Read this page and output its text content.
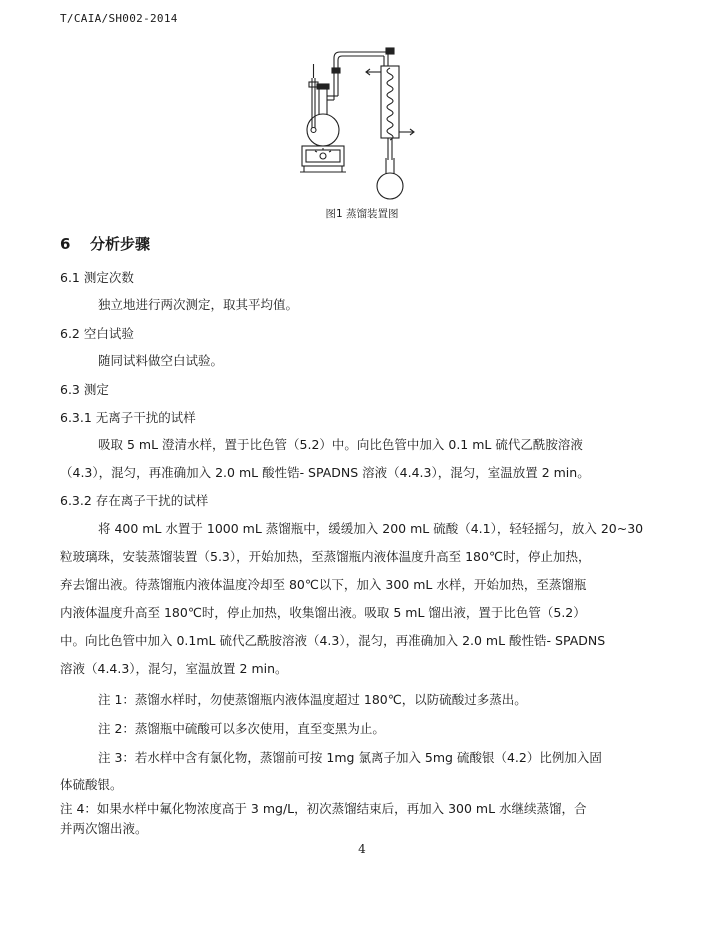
T/CAIA/SH002-2014
图1 蒸馏装置图
6 分析步骤
6.1 测定次数
独立地进行两次测定，取其平均值。
6.2 空白试验
随同试料做空白试验。
6.3 测定
6.3.1 无离子干扰的试样
吸取 5 mL 澄清水样，置于比色管（5.2）中。向比色管中加入 0.1 mL 硫代乙酰胺溶液
（4.3），混匀，再准确加入 2.0 mL 酸性锆- SPADNS 溶液（4.4.3），混匀，室温放置 2 min。
6.3.2 存在离子干扰的试样
将 400 mL 水置于 1000 mL 蒸馏瓶中，缓缓加入 200 mL 硫酸（4.1），轻轻摇匀，放入 20~30
粒玻璃珠，安装蒸馏装置（5.3），开始加热，至蒸馏瓶内液体温度升高至 180℃时，停止加热，
弃去馏出液。待蒸馏瓶内液体温度冷却至 80℃以下，加入 300 mL 水样，开始加热，至蒸馏瓶
内液体温度升高至 180℃时，停止加热，收集馏出液。吸取 5 mL 馏出液，置于比色管（5.2）
中。向比色管中加入 0.1mL 硫代乙酰胺溶液（4.3），混匀，再准确加入 2.0 mL 酸性锆- SPADNS
溶液（4.4.3），混匀，室温放置 2 min。
注 1：蒸馏水样时，勿使蒸馏瓶内液体温度超过 180℃，以防硫酸过多蒸出。
注 2：蒸馏瓶中硫酸可以多次使用，直至变黑为止。
注 3：若水样中含有氯化物，蒸馏前可按 1mg 氯离子加入 5mg 硫酸银（4.2）比例加入固
体硫酸银。
注 4：如果水样中氟化物浓度高于 3 mg/L，初次蒸馏结束后，再加入 300 mL 水继续蒸馏，合
并两次馏出液。
4
